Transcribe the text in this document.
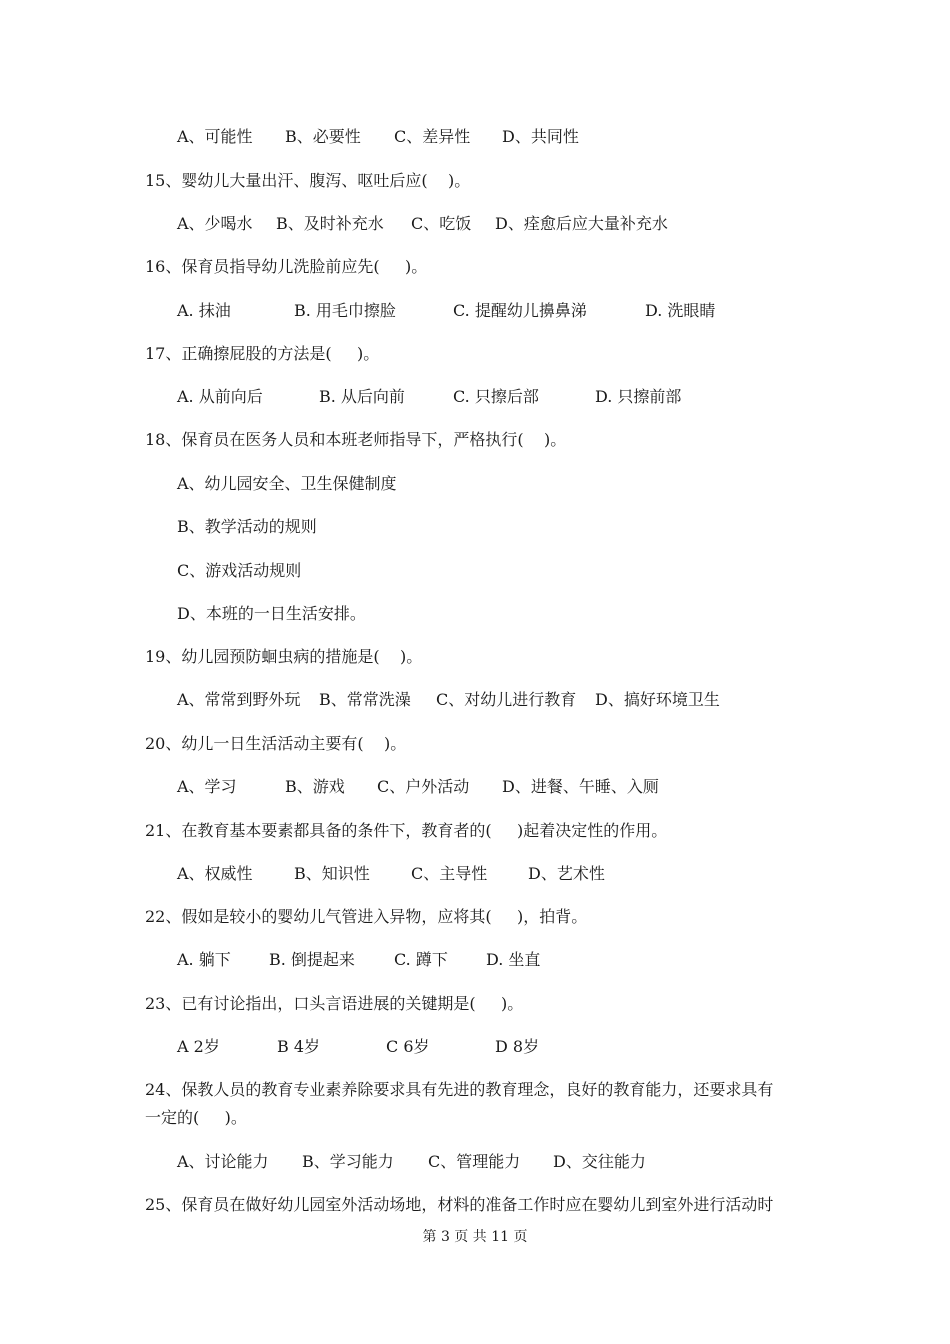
A、可能性

B、必要性

C、差异性

D、共同性

15、婴幼儿大量出汗、腹泻、呕吐后应(    )。

A、少喝水

B、及时补充水

C、吃饭

D、痊愈后应大量补充水

16、保育员指导幼儿洗脸前应先(     )。

A. 抹油

	B. 用毛巾擦脸

	C. 提醒幼儿擤鼻涕

	D. 洗眼睛

17、正确擦屁股的方法是(     )。

A. 从前向后

	B. 从后向前

	C. 只擦后部

	D. 只擦前部

18、保育员在医务人员和本班老师指导下，严格执行(    )。
A、幼儿园安全、卫生保健制度
B、教学活动的规则
C、游戏活动规则
D、本班的一日生活安排。
19、幼儿园预防蛔虫病的措施是(    )。

A、常常到野外玩

B、常常洗澡

C、对幼儿进行教育

D、搞好环境卫生

20、幼儿一日生活活动主要有(    )。

A、学习

	B、游戏

C、户外活动

D、进餐、午睡、入厕

21、在教育基本要素都具备的条件下，教育者的(     )起着决定性的作用。

A、权威性

	B、知识性

	C、主导性

	D、艺术性

22、假如是较小的婴幼儿气管进入异物，应将其(     )，拍背。

A. 躺下

B. 倒提起来

C. 蹲下

D. 坐直

23、已有讨论指出，口头言语进展的关键期是(     )。

A 2岁

	B 4岁

	C 6岁

	D 8岁

24、保教人员的教育专业素养除要求具有先进的教育理念，良好的教育能力，还要求具有
一定的(     )。

A、讨论能力

B、学习能力

C、管理能力

D、交往能力

25、保育员在做好幼儿园室外活动场地，材料的准备工作时应在婴幼儿到室外进行活动时
第 3 页 共 11 页
